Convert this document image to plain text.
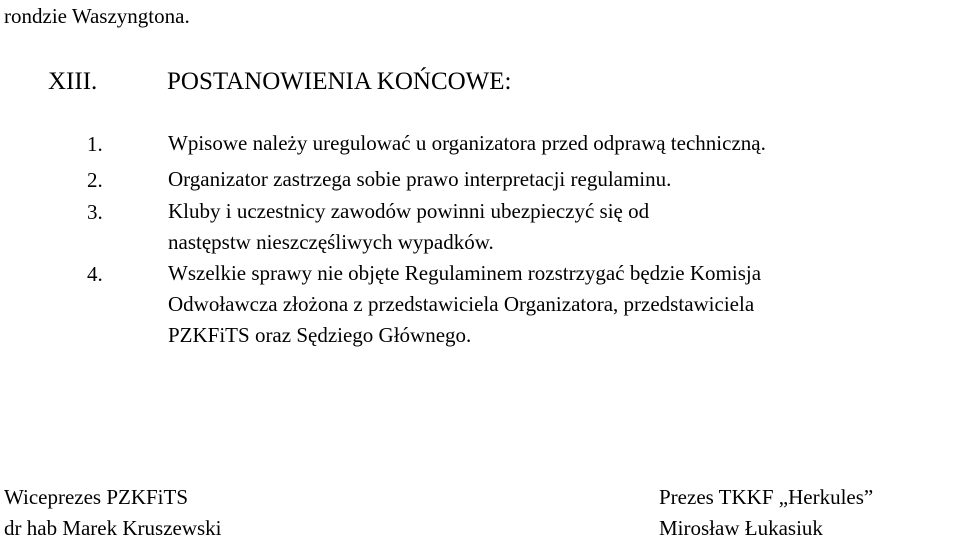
rondzie Waszyngtona.
XIII.	POSTANOWIENIA KOŃCOWE:
1.	Wpisowe należy uregulować u organizatora przed odprawą techniczną.
2.	Organizator zastrzega sobie prawo interpretacji regulaminu.
3.	Kluby i uczestnicy zawodów powinni ubezpieczyć się od
następstw nieszczęśliwych wypadków.
4.	Wszelkie sprawy nie objęte Regulaminem rozstrzygać będzie Komisja
Odwoławcza złożona z przedstawiciela Organizatora, przedstawiciela
PZKFiTS oraz Sędziego Głównego.
Wiceprezes PZKFiTS
dr hab Marek Kruszewski
Prezes TKKF „Herkules”
Mirosław Łukasiuk
